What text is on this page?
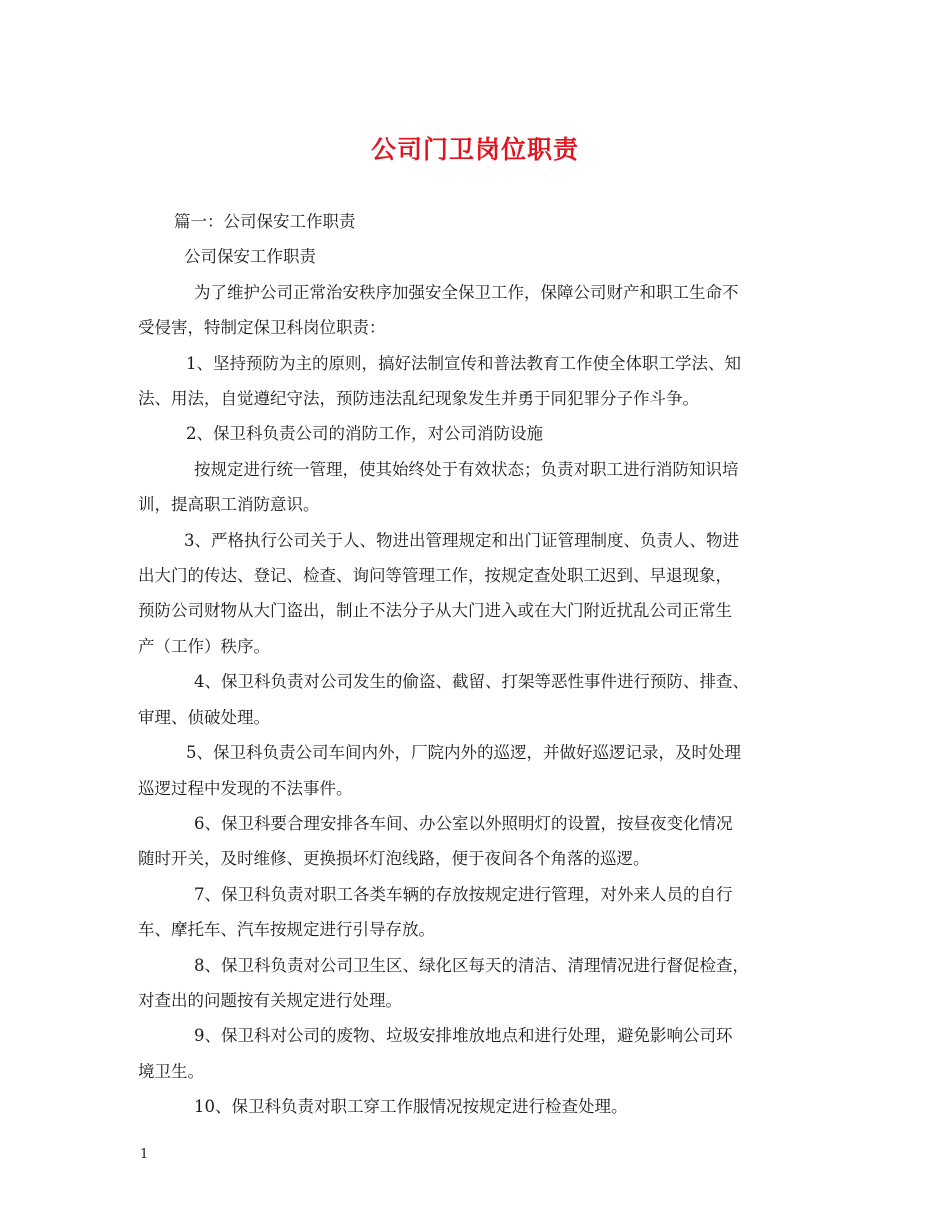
公司门卫岗位职责

篇一：公司保安工作职责

公司保安工作职责

为了维护公司正常治安秩序加强安全保卫工作，保障公司财产和职工生命不

受侵害，特制定保卫科岗位职责：

1、坚持预防为主的原则，搞好法制宣传和普法教育工作使全体职工学法、知

法、用法，自觉遵纪守法，预防违法乱纪现象发生并勇于同犯罪分子作斗争。

2、保卫科负责公司的消防工作，对公司消防设施

按规定进行统一管理，使其始终处于有效状态；负责对职工进行消防知识培

训，提高职工消防意识。

3、严格执行公司关于人、物进出管理规定和出门证管理制度、负责人、物进

出大门的传达、登记、检查、询问等管理工作，按规定查处职工迟到、早退现象，

预防公司财物从大门盗出，制止不法分子从大门进入或在大门附近扰乱公司正常生

产（工作）秩序。

4、保卫科负责对公司发生的偷盗、截留、打架等恶性事件进行预防、排查、

审理、侦破处理。

5、保卫科负责公司车间内外，厂院内外的巡逻，并做好巡逻记录，及时处理

巡逻过程中发现的不法事件。

6、保卫科要合理安排各车间、办公室以外照明灯的设置，按昼夜变化情况

随时开关，及时维修、更换损坏灯泡线路，便于夜间各个角落的巡逻。

7、保卫科负责对职工各类车辆的存放按规定进行管理，对外来人员的自行

车、摩托车、汽车按规定进行引导存放。

8、保卫科负责对公司卫生区、绿化区每天的清洁、清理情况进行督促检查，

对查出的问题按有关规定进行处理。

9、保卫科对公司的废物、垃圾安排堆放地点和进行处理，避免影响公司环

境卫生。

10、保卫科负责对职工穿工作服情况按规定进行检查处理。

1
